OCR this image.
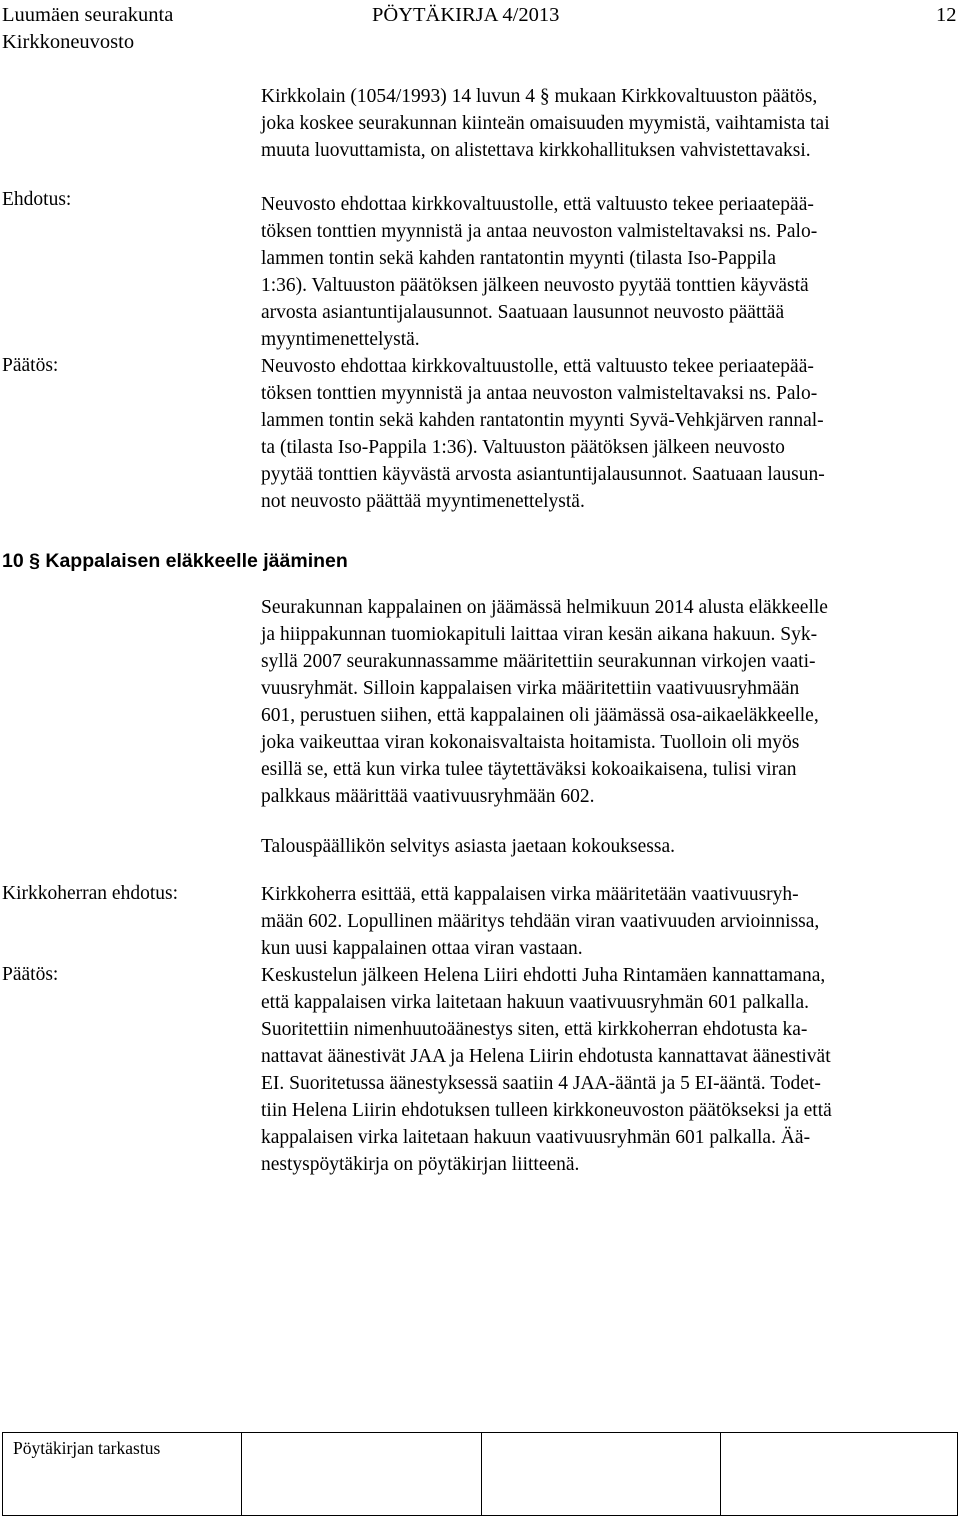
Luumäen seurakunta
Kirkkoneuvosto
PÖYTÄKIRJA 4/2013	12
Kirkkolain (1054/1993) 14 luvun 4 § mukaan Kirkkovaltuuston päätös,
joka koskee seurakunnan kiinteän omaisuuden myymistä, vaihtamista tai
muuta luovuttamista, on alistettava kirkkohallituksen vahvistettavaksi.
Ehdotus:
Päätös:
Neuvosto ehdottaa kirkkovaltuustolle, että valtuusto tekee periaatepää-
töksen tonttien myynnistä ja antaa neuvoston valmisteltavaksi ns. Palo-
lammen tontin sekä kahden rantatontin myynti (tilasta Iso-Pappila
1:36). Valtuuston päätöksen jälkeen neuvosto pyytää tonttien käyvästä
arvosta asiantuntijalausunnot. Saatuaan lausunnot neuvosto päättää
myyntimenettelystä.
Neuvosto ehdottaa kirkkovaltuustolle, että valtuusto tekee periaatepää-
töksen tonttien myynnistä ja antaa neuvoston valmisteltavaksi ns. Palo-
lammen tontin sekä kahden rantatontin myynti Syvä-Vehkjärven rannal-
ta (tilasta Iso-Pappila 1:36). Valtuuston päätöksen jälkeen neuvosto
pyytää tonttien käyvästä arvosta asiantuntijalausunnot. Saatuaan lausun-
not neuvosto päättää myyntimenettelystä.
10 § Kappalaisen eläkkeelle jääminen
Seurakunnan kappalainen on jäämässä helmikuun 2014 alusta eläkkeelle
ja hiippakunnan tuomiokapituli laittaa viran kesän aikana hakuun. Syk-
syllä 2007 seurakunnassamme määritettiin seurakunnan virkojen vaati-
vuusryhmät. Silloin kappalaisen virka määritettiin vaativuusryhmään
601, perustuen siihen, että kappalainen oli jäämässä osa-aikaeläkkeelle,
joka vaikeuttaa viran kokonaisvaltaista hoitamista. Tuolloin oli myös
esillä se, että kun virka tulee täytettäväksi kokoaikaisena, tulisi viran
palkkaus määrittää vaativuusryhmään 602.
Talouspäällikön selvitys asiasta jaetaan kokouksessa.
Kirkkoherran ehdotus:
Päätös:
Kirkkoherra esittää, että kappalaisen virka määritetään vaativuusryh-
mään 602. Lopullinen määritys tehdään viran vaativuuden arvioinnissa,
kun uusi kappalainen ottaa viran vastaan.
Keskustelun jälkeen Helena Liiri ehdotti Juha Rintamäen kannattamana,
että kappalaisen virka laitetaan hakuun vaativuusryhmän 601 palkalla.
Suoritettiin nimenhuutoäänestys siten, että kirkkoherran ehdotusta ka-
nattavat äänestivät JAA ja Helena Liirin ehdotusta kannattavat äänestivät
EI. Suoritetussa äänestyksessä saatiin 4 JAA-ääntä ja 5 EI-ääntä. Todet-
tiin Helena Liirin ehdotuksen tulleen kirkkoneuvoston päätökseksi ja että
kappalaisen virka laitetaan hakuun vaativuusryhmän 601 palkalla. Ää-
nestyspöytäkirja on pöytäkirjan liitteenä.
Pöytäkirjan tarkastus
